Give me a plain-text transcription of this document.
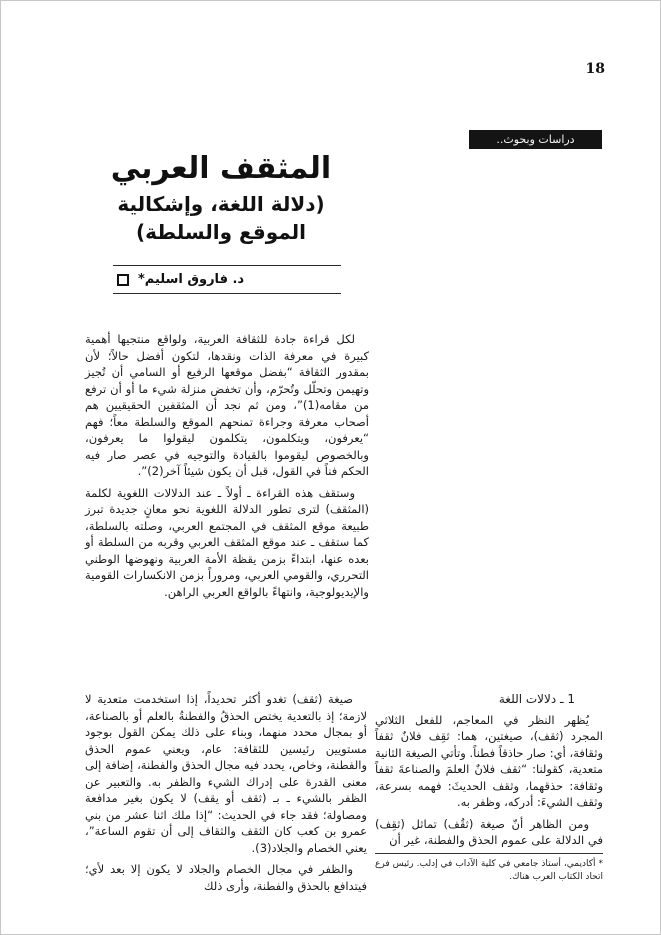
18
دراسات وبحوث..
المثقف العربي
(دلالة اللغة، وإشكالية
الموقع والسلطة)
د. فاروق اسليم*

لكل قراءة جادة للثقافة العربية، ولواقع منتجيها أهمية كبيرة في معرفة الذات ونقدها، لتكون أفضل حالاً؛ لأن بمقدور الثقافة “بفضل موقعها الرفيع أو السامي أن تُجيز وتهيمن وتحلّل وتُحرّم، وأن تخفض منزلة شيء ما أو أن ترفع من مقامه(1)”، ومن ثم نجد أن المثقفين الحقيقيين هم أصحاب معرفة وجراءة تمنحهم الموقع والسلطة معاً؛ فهم “يعرفون، ويتكلمون، يتكلمون ليقولوا ما يعرفون، وبالخصوص ليقوموا بالقيادة والتوجيه في عصر صار فيه الحكم فناً في القول، قبل أن يكون شيئاً آخر(2)”.

وستقف هذه القراءة ـ أولاً ـ عند الدلالات اللغوية لكلمة (المثقف) لترى تطور الدلالة اللغوية نحو معانٍ جديدة تبرز طبيعة موقع المثقف في المجتمع العربي، وصلته بالسلطة، كما ستقف ـ عند موقع المثقف العربي وقربه من السلطة أو بعده عنها، ابتداءً بزمن يقظة الأمة العربية ونهوضها الوطني التحرري، والقومي العربي، ومروراً بزمن الانكسارات القومية والإيديولوجية، وانتهاءً بالواقع العربي الراهن.

صيغة (ثقف) تغدو أكثر تحديداً، إذا استخدمت متعدية لا لازمة؛ إذ بالتعدية يختص الحذقُ والفطنةُ بالعلم أو بالصناعة، أو بمجال محدد منهما، وبناء على ذلك يمكن القول بوجود مستويين رئيسين للثقافة: عام، ويعني عموم الحذق والفطنة، وخاص، يحدد فيه مجال الحذق والفطنة، إضافة إلى معنى القدرة على إدراك الشيء والظفر به. والتعبير عن الظفر بالشيء ـ بـ (ثقف أو يقف) لا يكون بغير مدافعة ومصاولة؛ فقد جاء في الحديث: “إذا ملك اثنا عشر من بني عمرو بن كعب كان الثقف والثقاف إلى أن تقوم الساعة”، يعني الخصام والجلاد(3).

والظفر في مجال الخصام والجلاد لا يكون إلا بعد لأي؛ فيتدافع بالحذق والفطنة، وأرى ذلك

1 ـ دلالات اللغة

يُظهر النظر في المعاجم، للفعل الثلاثي المجرد (ثقف)، صيغتين، هما: ثقِف فلانٌ ثقفاً وثقافة، أي: صار حاذقاً فطناً. وتأتي الصيغة الثانية متعدية، كقولنا: “ثقف فلانٌ العلمَ والصناعةَ ثقفاً وثقافة: حذقهما، وثقف الحديثَ: فهمه بسرعة، وثقف الشيءَ: أدركه، وظفر به.

ومن الظاهر أنّ صيغة (ثقُف) تماثل (ثقِف) في الدلالة على عموم الحذق والفطنة، غير أن

* أكاديمي، أستاذ جامعي في كلية الآداب في إدلب. رئيس فرع اتحاد الكتاب العرب هناك.
